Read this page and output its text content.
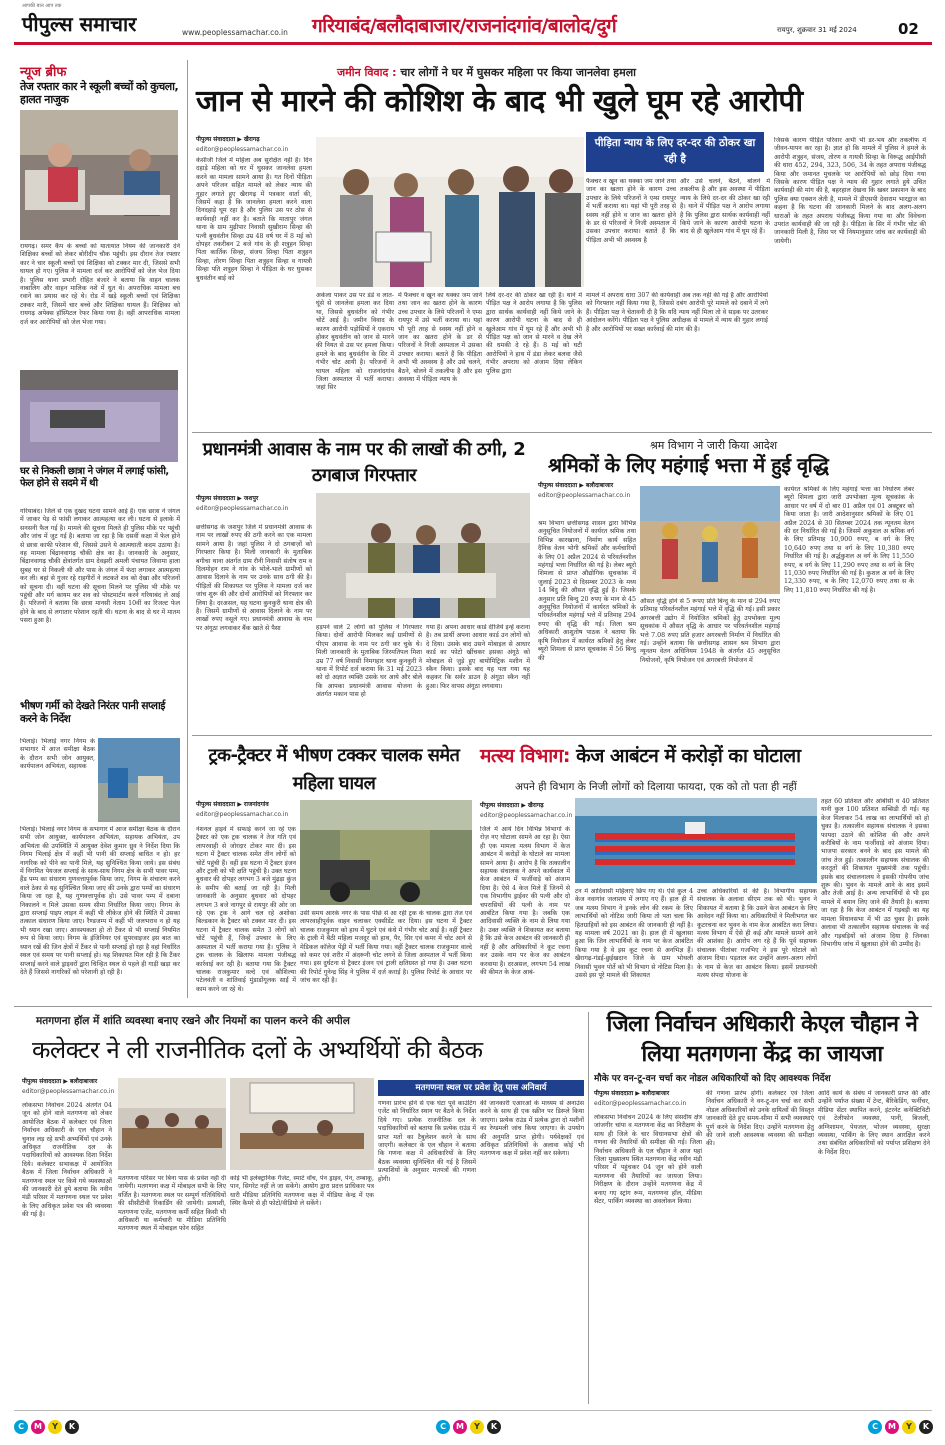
आपकी बात आप तक
पीपुल्स समाचार	www.peoplessamachar.co.in गरियाबंद/बलौदाबाजार/राजनांदगांव/बालोद/दुर्ग	रायपुर, शुक्रवार 31 मई 2024	02
न्यूज ब्रीफ
तेज रफ्तार कार ने स्कूली बच्चों को कुचला, हालत नाजुक
रायगढ़। समर कैंप के बच्चों को यातायात नियम की जानकारी देने शिक्षिका बच्चों को लेकर बोरीदीप चौक पहुंची। इस दौरान तेज रफ्तार कार ने चार स्कूली बच्चों एवं शिक्षिका को टक्कर मार दी, जिससे सभी घायल हो गए। पुलिस ने मामला दर्ज कर आरोपियों को जेल भेज दिया है। पुलिस थाना प्रभारी रोहित बंजारे ने बताया कि वाहन चालक नाबालिग और वाहन मालिक नशे में धुत थे। अपराधिक मामला बच रवाने का प्रयास कर रहे थे। रोड में खड़े स्कूली बच्चों एवं शिक्षिका टक्कर मारी, जिसमें चार बच्चे और शिक्षिका घायल हैं। शिक्षिका को रायगढ़ अपेक्स हॉस्पिटल रेफर किया गया है। वहीं आपराधिक मामला दर्ज कर आरोपियों को जेल भेजा गया।
घर से निकली छात्रा ने जंगल में लगाई फांसी, फेल होने से सदमे में थी
गरियाबंद। जिले से एक दुखद घटना सामने आई है। एक छात्रा ने जंगल में जाकर पेड़ से फांसी लगाकर आत्महत्या कर ली। घटना से इलाके में सनसनी फैल गई है। मामले की सूचना मिलते ही पुलिस मौके पर पहुंची और जांच में जुट गई है। बताया जा रहा है कि दसवीं कक्षा में फेल होने से छात्रा काफी परेशान थी, जिससे उसने ये आत्मघाती कदम उठाया है। वह मामला बिंद्रानवागढ़ चौकी क्षेत्र का है। जानकारी के अनुसार, बिंद्रानवागढ़ चौकी क्षेत्रांतर्गत ग्राम देवझरी अमली पंचायत जिवामा हाला सुबह घर से निकली थी और पास के जंगल में फंदा लगाकर आत्महत्या कर ली। बहां से गुजर रहे राहगीरों ने लटकते शव को देखा और परिजनों को सूचना दी। वहीं घटना की सूचना मिलने पर पुलिस भी मौके पर पहुंची और मर्ग कायम कर शव को पोस्टमार्टम करने गरियाबंद ले आई है। परिजनों ने बताया कि छात्रा मानसी नेताम 10वीं का रिजल्ट फेल होने के बाद से लगातार परेशान रहती थी। घटना के बाद से घर में मातम पसरा हुआ है।
भीषण गर्मी को देखते निरंतर पानी सप्लाई करने के निर्देश
भिलाई। भिलाई नगर निगम के सभागार में आज समीक्षा बैठक के दौरान सभी जोन आयुक्त, कार्यपालन अभियंता, सहायक
भिलाई। भिलाई नगर निगम के सभागार में आज समीक्षा बैठक के दौरान सभी जोन आयुक्त, कार्यपालन अभियंता, सहायक अभियंता, उप अभियंता की उपस्थिति में आयुक्त देवेश कुमार ध्रुव ने निर्देश दिया कि निगम भिलाई क्षेत्र में कहीं भी पानी की सप्लाई बाधित न हो। हर नागरिक को पीने का पानी मिले, यह सुनिश्चित किया जाये। इस संबंध में निगमित पेयजल सप्लाई के साथ-साथ निगम क्षेत्र के सभी पावर पम्प, हैंड पम्प का संधारण गुणवत्तापूर्वक किया जाए, निगम के संचारण करने वाले ठेका से यह सुनिश्चित किया जाए की उनके द्वारा पम्पों का संधारण किया जा रहा है, यह गुणवत्तापूर्वक हो। उसे पावर पम्प में दबाना निकालने न मिले उसका समय सीमा निर्धारित किया जाए। निगम के द्वारा सप्लाई पाइप लाइन में कहीं भी लीकेज होने की स्थिति में उसका तत्काल संधारण किया जाए। रैण्डजम्प में कहीं भी जलभराव न हो यह भी ध्यान रखा जाए। आवश्यकता हो तो टैंकर से भी सप्लाई नियमित रूप से किया जाए। निगम के इंजिनियर एवं सुपरवाइजर इस बात का ध्यान रखें की जिन क्षेत्रों में टैंकर से पानी सप्लाई हो रहा है वहां निर्धारित स्थल एवं समय पर पानी सप्लाई हो। यह शिकायत मिल रही है कि टैंकर सप्लाई करने वाले ड्राइवरों द्वारा चिन्हित स्थल से पहले ही गाड़ी खड़ा कर देते हैं जिससे नागरिकों को परेशानी हो रही है।
जमीन विवाद : चार लोगों ने घर में घुसकर महिला पर किया जानलेवा हमला
जान से मारने की कोशिश के बाद भी खुले घूम रहे आरोपी
पीड़िता न्याय के लिए दर-दर की ठोकर खा रही है
पीपुल्स संवाददाता ▶ खैरागढ़
editor@peoplessamachar.co.in
केसीजी जिले में महिला अब सुरक्षित नहीं है। दिन दहाड़े महिला को घर में घुसकर जानलेवा हमला करने का मामला सामने आया है। गत दिनों पीड़िता अपने परिजन सहित मामले को लेकर न्याय की गुहार लगाते हुए खैरागढ़ में पत्रकार वार्ता की, जिसमें कहा है कि जानलेवा हमला करने वाला दिनदहाड़े घूम रहा है और पुलिस उस पर ठोस से कार्यवाही नहीं कर है। बताते कि मातापुर जंगल थाना के ग्राम मुढ़ीपार निवासी सुखीराम सिन्हा की पत्नी बुधवंतीन सिन्हा उम्र 48 वर्ष घर में 8 मई को दोपहर तकरीबन 2 बजे गांव के ही शत्रुहन सिन्हा पिता कार्तिक सिन्हा, संजय सिन्हा पिता शत्रुहन सिन्हा, तोरण सिन्हा पिता शत्रुहन सिन्हा व गायत्री सिन्हा पति शत्रुहन सिन्हा ने पीड़िता के घर घुसकर बुधवंतीन बाई को
अकेला पाकर उस पर डंडे व लात-घूंसे से जानलेवा हमला कर दिया था, जिससे बुधवंतीन को गंभीर चोटें आई है। जमीन विवाद के कारण आरोपी पड़ोसियों ने एकराय होकर बुधवंतीन को जान से मारने की नियत से उस पर हमला किया। हमले के बाद बुधवंतीन के सिर में गंभीर चोट आयी है। परिजनों ने घायल महिला को राजनांदगांव जिला अस्पताल में भर्ती कराया। जहां सिर
में फैक्चर व खून का थक्का जम जाने तथा जान का खतरा होने के कारण उच्च उपचार के लिये परिजनों ने एम्स रायपुर में उसे भर्ती कराया था। यहां भी पूरी तरह से स्वस्थ नहीं होने व जान का खतरा होने के डर से परिजनों ने निजी अस्पताल में उसका उपचार कराया। बताते हैं कि पीड़िता अभी भी अस्वस्थ है और उसे चलने, बैठने, बोलने में तकलीफ है और इस अवस्था में पीड़िता न्याय के
फैक्चर व खून का थक्का जम जाने तथा जान का खतरा होने के कारण उच्च उपचार के लिये परिजनों ने एम्स रायपुर में भर्ती कराया था। यहां भी पूरी तरह से स्वस्थ नहीं होने व जान का खतरा होने के डर से परिजनों ने निजी अस्पताल में उसका उपचार कराया। बताते हैं कि पीड़िता अभी भी अस्वस्थ है
लिये दर-दर की ठोकर खा रही है। थाने में पीड़ित पक्ष ने आरोप लगाया है कि पुलिस द्वारा सार्थक कार्यवाही नहीं किये जाने के कारण आरोपी घटना के बाद से ही खुलेआम गांव में घूम रहे हैं और अभी भी पीड़ित पक्ष को जान से मारने व देख लेने की धमकी दे रहे हैं। 8 मई को घटी आरोपियों ने हाथ में डंडा लेकर बलवा जैसे गंभीर अपराध को अंजाम दिया लेकिन पुलिस द्वारा
और उसे चलने, बैठने, बोलने में तकलीफ है और इस अवस्था में पीड़िता न्याय के लिये दर-दर की ठोकर खा रही है। थाने में पीड़ित पक्ष ने आरोप लगाया है कि पुलिस द्वारा सार्थक कार्यवाही नहीं किये जाने के कारण आरोपी घटना के बाद से ही खुलेआम गांव में घूम रहे हैं।
मामले में अपराध धारा 307 की कार्यवाही अब तक नहीं की गई है और आरोपियों को गिरफ्तार नहीं किया गया है, जिससे दबंग आरोपी पूरे मामले को दबाने में लगे हैं। पीड़िता पक्ष ने चेतावनी दी है कि यदि न्याय नहीं मिला तो वे सड़क पर उतरकर आंदोलन करेंगे। पीड़िता पक्ष ने पुलिस अधीक्षक से मामले में न्याय की गुहार लगाई है और आरोपियों पर सख्त कार्रवाई की मांग की है।
जिसके कारण पीड़ित परिवार अभी भी डर-भय और तकलीफ में जीवन-यापन कर रहा है। ज्ञात हो कि मामले में पुलिस ने हमले के आरोपी शत्रुहन, संजय, तोरण व गायत्री सिन्हा के विरूद्ध आईपीसी की धारा 452, 294, 323, 506, 34 के तहत अपराध पंजीबद्ध किया और जमानत मुचलके पर आरोपियों को छोड़ दिया गया जिसके कारण पीड़ित पक्ष ने न्याय की गुहार लगाते हुये उचित कार्यवाही की मांग की है, बहरहाल देखना कि खबर प्रकाशन के बाद पुलिस क्या एक्शन लेती है, मामले में डीएसपी देवाराम भारद्वाज का कहना है कि घटना की जानकारी मिलने के बाद अलग-अलग धाराओं के तहत अपराध पंजीबद्ध किया गया था और विवेचना उपरांत कार्यवाही की जा रही है। पीड़िता के सिर में गंभीर चोट की जानकारी मिली है, जिस पर भी नियमानुसार जांच कर कार्यवाही की जायेगी।
प्रधानमंत्री आवास के नाम पर की लाखों की ठगी, 2 ठगबाज गिरफ्तार
पीपुल्स संवाददाता ▶ जशपुर
editor@peoplessamachar.co.in
छत्तीसगढ़ के जशपुर जिले में प्रधानमंत्री आवास के नाम पर लाखों रुपए की ठगी करने का एक मामला सामने आया है। जहां पुलिस ने दो ठगबाज़ों को गिरफ्तार किया है। मिली जानकारी के मुताबिक बगीचा थाना अंतर्गत ग्राम रौनी निवासी संतोष राम व दिलमोहन राम ने गांव के भोले-भाले ग्रामीणों को आवास दिलाने के नाम पर उनके साथ ठगी की है। पीड़ितों की शिकायत पर पुलिस ने मामला दर्ज कर जांच शुरू की और दोनों आरोपियों को गिरफ्तार कर लिया है। दरअसल, यह घटना कुनकुरी थाना क्षेत्र की है। जिसमें ग्रामीणों से आवास दिलाने के नाम पर लाखों रुपए वसूले गए। प्रधानमंत्री आवास के नाम पर अंगूठा लगवाकर बैंक खाते से पैसा	हड़पने वाले 2 लोगों को पुलिस ने गिरफ्तार किया। दोनों आरोपी मिलकर कई ग्रामीणों से पीएम आवास के नाम पर ठगी कर चुके थे। मिली जानकारी के मुताबिक जिरमतिपल मिशा उम्र 77 वर्ष निवासी निमगहार थाना कुनकुरी ने थाना में रिपोर्ट दर्ज कराया कि 31 मई 2023 को दो अज्ञात व्यक्ति उसके घर आये और बोले कि आपका प्रधानमंत्री आवास योजना के अंतर्गत मकान पास हो
गया है। अपना आधार कार्ड दीजिये इन्हें कराना है। तब प्रार्थी अपना आधार कार्ड उन लोगों को दे दिया। उसके बाद उसने मोबाइल से आधार कार्ड का फोटो खींचकर इसका अंगूठे को मोबाइल से जुड़े हुए बायोमिट्रिक मशीन में स्कैन किया। इसके बाद यह पता गया यह कहकर कि सर्वर डाउन है अंगूठा स्कैन नहीं हुआ। फिर वापस अंगूठा लगवाया।
श्रम विभाग ने जारी किया आदेश
श्रमिकों के लिए महंगाई भत्ता में हुई वृद्धि
पीपुल्स संवाददाता ▶ बलौदाबाजार
editor@peoplessamachar.co.in
श्रम विभाग छत्तीसगढ़ शासन द्वारा विभिन्न अनुसूचित नियोजनों में कार्यरत श्रमिक तथा विभिन्न कारखाना, निर्माण कार्य सहित दैनिक वेतन भोगी श्रमिकों और कर्मचारियों के लिए 01 अप्रैल 2024 से परिवर्तनशील महंगाई भत्ता निर्धारित की गई है। लेबर ब्यूरो शिमला से प्राप्त औद्योगिक सूचकांक में जुलाई 2023 से दिसम्बर 2023 के मध्य 14 बिंदु की औसत वृद्धि हुई है। जिसके अनुसार प्रति बिन्दु 20 रुपए के मान से 45 अनुसूचित नियोजनों में कार्यरत श्रमिकों के परिवर्तनशील महंगाई भत्ते में प्रतिमाह 294 रुपए की वृद्धि की गई। जिला श्रम अधिकारी आशुतोष पाठक ने बताया कि कृषि नियोजन में कार्यरत श्रमिकों हेतु लेबर ब्यूरो शिमला से प्राप्त सूचकांक में 56 बिन्दु की
औसत वृद्धि होने से 5 रूपए प्रति बिन्दु के मान से 294 रुपए प्रतिमाह परिवर्तनशील महंगाई भत्ते में वृद्धि की गई। इसी प्रकार अगरबत्ती उद्योग में नियोजित श्रमिकों हेतु उपभोक्ता मूल्य सूचकांक में औसत वृद्धि के आधार पर परिवर्तनशील महंगाई भत्ते 7.08 रुपए प्रति हजार अगरबत्ती निर्माण में निर्धारित की गई। उन्होंने बताया कि छत्तीसगढ़ शासन श्रम विभाग द्वारा न्यूनतम वेतन अधिनियम 1948 के अंतर्गत 45 अनुसूचित नियोजनों, कृषि नियोजन एवं अगरबत्ती नियोजन में
कार्यरत श्रमिकों के लिए महंगाई भत्ता का निर्धारण लेबर ब्यूरो शिमला द्वारा जारी उपभोक्ता मूल्य सूचकांक के आधार पर वर्ष में दो बार 01 अप्रैल एवं 01 अक्टूबर को किया जाता है। जारी आदेशानुसार श्रमिकों के लिए 01 अप्रैल 2024 से 30 सितम्बर 2024 तक न्यूनतम वेतन की दर निर्धारित की गई है। जिसमें अकुशल अ श्रमिक वर्ग के लिए प्रतिमाह 10,900 रुपए, ब वर्ग के लिए 10,640 रुपए तथा स वर्ग के लिए 10,380 रुपए निर्धारित की गई है। अर्द्धकुशल अ वर्ग के लिए 11,550 रुपए, ब वर्ग के लिए 11,290 रुपए तथा स वर्ग के लिए 11,030 रुपए निर्धारित की गई है। कुशल अ वर्ग के लिए 12,330 रुपए, ब के लिए 12,070 रुपए तथा स के लिए 11,810 रुपए निर्धारित की गई है।
ट्रक-ट्रैक्टर में भीषण टक्कर चालक समेत महिला घायल
पीपुल्स संवाददाता ▶ राजनांदगांव
editor@peoplessamachar.co.in
नेशनल हाइवे में सफाई करने जा रहे एक ट्रैक्टर को एक ट्रक चालक ने तेज गति एवं लापरवाही से जोरदार टोकर मार दी। इस घटना में ट्रैक्टर चालक समेत तीन लोगों को चोटें पहुंची हैं। वहीं इस घटना में ट्रैक्टर इंजन और ट्राली को भी क्षति पहुंची है। उक्त घटना बुधवार की दोपहर लगभग 3 बजे मुंढ़ड़ा कुंज के समीप की बताई जा रही है। मिली जानकारी के अनुसार बुधवार को दोपहर लगभग 3 बजे नागपुर से रायपुर की ओर जा रहे एक ट्रक ने आगे चल रहे अशोका बिल्डकान के ट्रैक्टर को टक्कर मार दी। इस घटना में ट्रैक्टर चालक समेत 3 लोगों को चोटें पहुंची हैं, जिन्हें उपचार के लिए अस्पताल में भर्ती कराया गया है। पुलिस ने ट्रक चालक के खिलाफ मामला पंजीबद्ध कार्रवाई कर रही है। बताया गया कि ट्रैक्टर चालक राजकुमार वल्दे एवं कौशिल्या पटेलवंती व शांतिवाई मुंडाडोंगूलक साईं में काम करने जा रहे थे।
उसी समय आरके नगर के पास पीछे से आ रही ट्रक के चालक द्वारा तेज एवं लापरवाहीपूर्वक वाहन चलाकर एक्सीडेंट कर दिया। इस घटना में ट्रैक्टर चालक राजकुमार को हाथ में घुटने एवं कंधे में गंभीर चोट आई है। वहीं ट्रैक्टर के ट्राली में बैठी महिला मजदूर को हाथ, पैर, सिर एवं कमर में चोट आने से मेडिकल कॉलेज पेंड्री में भर्ती किया गया। वहीं ट्रैक्टर चालक राजकुमार वाल्दे को कमर एवं शरीर में अंदरूनी चोट लगने से जिला अस्पताल में भर्ती किया गया। इस दुर्घटना से ट्रैक्टर इंजन एवं ट्राली क्षतिग्रस्त हो गया है। उक्त घटना की रिपोर्ट गुनेन्द्र सिंह ने पुलिस में दर्ज कराई है। पुलिस रिपोर्ट के आधार पर जांच कर रही है।
मत्स्य विभाग: केज आबंटन में करोड़ों का घोटाला
अपने ही विभाग के निजी लोगों को दिलाया फायदा, एक को तो पता ही नहीं
पीपुल्स संवाददाता ▶ खैरागढ़
editor@peoplessamachar.co.in
जिले में आये दिन विभिन्न विभागों के रोज़ नए घोटाला सामने आ रहा है। ऐसा ही एक मामला मत्स्य विभाग में केज आबंटन में करोड़ों के घोटाले का मामला सामने आया है। आरोप है कि तत्कालीन सहायक संचालक ने अपने कार्यकाल में केज आबंटन में फर्जीवाड़े को अंजाम दिया है। ऐसे 4 केज मिले हैं जिनमें से एक विभागीय ड्राईवर की पत्नी और दो चपरासियों की पत्नी के नाम पर आबंटित किया गया है। जबकि एक आदिवासी व्यक्ति के नाम से लिया गया है। उक्त व्यक्ति ने शिकायत कर बताया है कि उसे केज आबंटन की जानकारी ही नहीं है और अधिकारियों ने कूट रचना कर उसके नाम पर केज का आबंटन करवाया है। दरअसल, लगभग 54 लाख की कीमत के केज आबं-
टन में आदिवासी महिलाएं छिप गए थे। ऐसे कुल 4 केज नवागांव जलाशय में लगाए गए हैं। हाल ही में जब मत्स्य विभाग ने इनके लोन की रकम के लिए लाभार्थियों को नोटिस जारी किया तो पता चला कि हितग्राहियों को इस आबंटन की जानकारी ही नहीं है। यह मामला वर्ष 2021 का है। हाल ही में खुलासा हुआ कि जिन लाभार्थियों के नाम पर केज आबंटित किया गया है वे इस कूट रचना से अनभिज्ञ हैं। खैरागढ़-गंडई-छुईखदान जिले के ग्राम भोथली निवासी भुवन पोर्ते को भी विभाग से नोटिस मिला है। उससे इस पूरे मामले की शिकायत
उच्च अधिकारियों से की है। विभागीय सहायक संचालक के अलावा सीएम तक को भी। भुवन ने शिकायत में बताया है कि उसने केज आबंटन के लिए आवेदन नहीं किया था। अधिकारियों ने मिलीभगत कर कूटरचना कर भुवन के नाम केज आबंटित करा लिया। मत्स्य विभाग में ऐसे ही कई और मामले सामने आने की आशंका है। आरोप लग रहे हैं कि पूर्व सहायक संचालक पीतांबर गजभिए ने इस पूरे घोटाले को अंजाम दिया। पड़ताल कर उन्होंने अलग-अलग लोगों के नाम से केज का आबंटन किया। इसमें प्रधानमंत्री मत्स्य संपदा योजना के
तहत 60 प्रतिशत और ओबीसी व 40 प्रतिशत यानी कुल 100 प्रतिशत सब्सिडी दी गई। यह केज मिलाकर 54 लाख का लाभार्थियों को हो चुका है। तत्कालीन सहायक संचालक ने इसका फायदा उठाने की कोशिश की और अपने करीबियों के नाम फर्जीवाड़े को अंजाम दिया। भाजपा सरकार बनने के बाद इस मामले की जांच तेज हुई। तत्कालीन सहायक संचालक की करतूतों की शिकायत मुख्यमंत्री तक पहुंची। इसके बाद संचालनालय ने इसकी गोपनीय जांच शुरू की। भुवन के मामले आने के बाद इसमें और तेजी आई है। अन्य लाभार्थियों से भी इस मामले में बयान लिए जाने की तैयारी है। बताया जा रहा है कि केज आबंटन में गड़बड़ी का यह मामला विधानसभा में भी उठ चुका है। इसके अलावा भी तत्कालीन सहायक संचालक के कई और गड़बड़ियों को अंजाम दिया है जिनका विभागीय जांच में खुलासा होने की उम्मीद है।
मतगणना हॉल में शांति व्यवस्था बनाए रखने और नियमों का पालन करने की अपील
कलेक्टर ने ली राजनीतिक दलों के अभ्यर्थियों की बैठक
पीपुल्स संवाददाता ▶ बलौदाबाजार
editor@peoplessamachar.co.in
लोकसभा निर्वाचन 2024 अंतर्गत 04 जून को होने वाले मतगणना को लेकर आयोजित बैठक में कलेक्टर एवं जिला निर्वाचन अधिकारी के एल चौहान ने चुनाव लड़ रहे सभी अभ्यर्थियों एवं उनके अधिकृत राजनीतिक दल के पदाधिकारियों को आवश्यक दिशा निर्देश दिये। कलेक्टर सभाकक्ष में आयोजित बैठक में जिला निर्वाचन अधिकारी ने मतगणना स्थल पर किये गये व्यवस्थाओं की जानकारी देते हुये बताया कि नवीन मंडी परिसर में मतगणना स्थल पर प्रवेश के लिए अधिकृत प्रवेश पत्र की व्यवस्था की गई है।
मतगणना परिसर पर बिना पास के प्रवेश नहीं दी जायेगी। मतगणना कक्ष में मोबाइल सभी के लिए वर्जित है। मतगणना स्थल पर सम्पूर्ण गतिविधियों की सीसीटीवी रिकार्डिंग की जायेगी। प्रत्याशी, मतगणना एजेंट, मतगणना कर्मी सहित किसी भी अधिकारी या कर्मचारी या मीडिया प्रतिनिधि मतगणना स्थल में मोबाइल फोन सहित
कोई भी इलेक्ट्रानिक गैजेट, स्मार्ट वॉच, पेन ड्राइव, पेन, तम्बाकू, पान, सिगरेट नहीं ले जा सकेंगे। आयोग द्वारा प्रदत्त प्राधिकार पत्र धारी मीडिया प्रतिनिधि मतगणना कक्ष में मीडिया केन्द्र में एक स्थिर कैमरे से ही फोटो/वीडियो ले सकेंगे।
मतगणना स्थल पर प्रवेश हेतु पास अनिवार्य
गणना प्रारंभ होने से एक घंटा पूर्व काउंटिंग एजेंट को निर्धारित स्थान पर बैठने के निर्देश दिये गए। प्रत्येक राजनीतिक दल के पदाधिकारियों को बताया कि प्रत्येक राउंड में प्राप्त मतों का टैबुलेशन करने के साथ जाएगी। कलेक्टर के एल चौहान ने बताया कि गणना कक्ष में अधिकारियों के लिए बैठक व्यवस्था सुनिश्चित की गई है जिसमें प्रत्याशियों के अनुसार मतपत्रों की गणना होगी।
की जानकारी एआरओ के माध्यम से अनाउंस करने के साथ ही एक स्क्रीन पर डिस्प्ले किया जाएगा। प्रत्येक राउंड में प्रत्येक द्वारा दो मशीनों का रेण्डमली जांच किया जाएगा। के उपयोग की अनुमति प्राप्त होगी। पर्यवेक्षकों एवं अधिकृत प्रतिनिधियों के अलावा कोई भी मतगणना कक्ष में प्रवेश नहीं कर सकेगा।
जिला निर्वाचन अधिकारी केएल चौहान ने लिया मतगणना केंद्र का जायजा
मौके पर वन-टू-वन चर्चा कर नोडल अधिकारियों को दिए आवश्यक निर्देश
पीपुल्स संवाददाता ▶ बलौदाबाजार
editor@peoplessamachar.co.in
लोकसभा निर्वाचन 2024 के लिए संसदीय क्षेत्र जांजगीर चांपा व मतगणना केंद्र का निरीक्षण के साथ ही जिले के चार विधानसभा क्षेत्रों की गणना की तैयारियों की समीक्षा की गई। जिला निर्वाचन अधिकारी के एल चौहान ने आज यहां जिला मुख्यालय स्थित मतगणना केंद्र नवीन मंडी परिसर में पहुंचकर 04 जून को होने वाली मतगणना की तैयारियों का जायजा लिया। निरीक्षण के दौरान उन्होंने मतगणना केंद्र में बनाए गए स्ट्रांग रूम, मतगणना हॉल, मीडिया सेंटर, पार्किंग व्यवस्था का अवलोकन किया।
की गणना प्रारंभ होगी। कलेक्टर एवं जिला निर्वाचन अधिकारी ने वन-टू-वन चर्चा कर सभी नोडल अधिकारियों को उनके दायित्वों की विस्तृत जानकारी देते हुए समय-सीमा में सभी व्यवस्थाएं पूर्ण करने के निर्देश दिए। उन्होंने मतगणना हेतु की जाने वाली आवश्यक व्यवस्था की समीक्षा की।
आदि कार्य के संबंध में जानकारी प्राप्त की और उन्होंने पर्याप्त संख्या में टेन्ट, बैरिकेडिंग, फर्नीचर, मीडिया सेंटर स्थापित करने, इंटरनेट कनेक्टिविटी एवं टेलीफोन व्यवस्था, पानी, बिजली, अग्निशामन, पेयजल, भोजन व्यवस्था, सुरक्षा व्यवस्था, पार्किंग के लिए स्थान आरक्षित करने तथा संबंधित अधिकारियों को पर्याप्त प्रशिक्षण देने के निर्देश दिए।
C	M	Y	K	C	M	Y	K	C	M	Y	K
